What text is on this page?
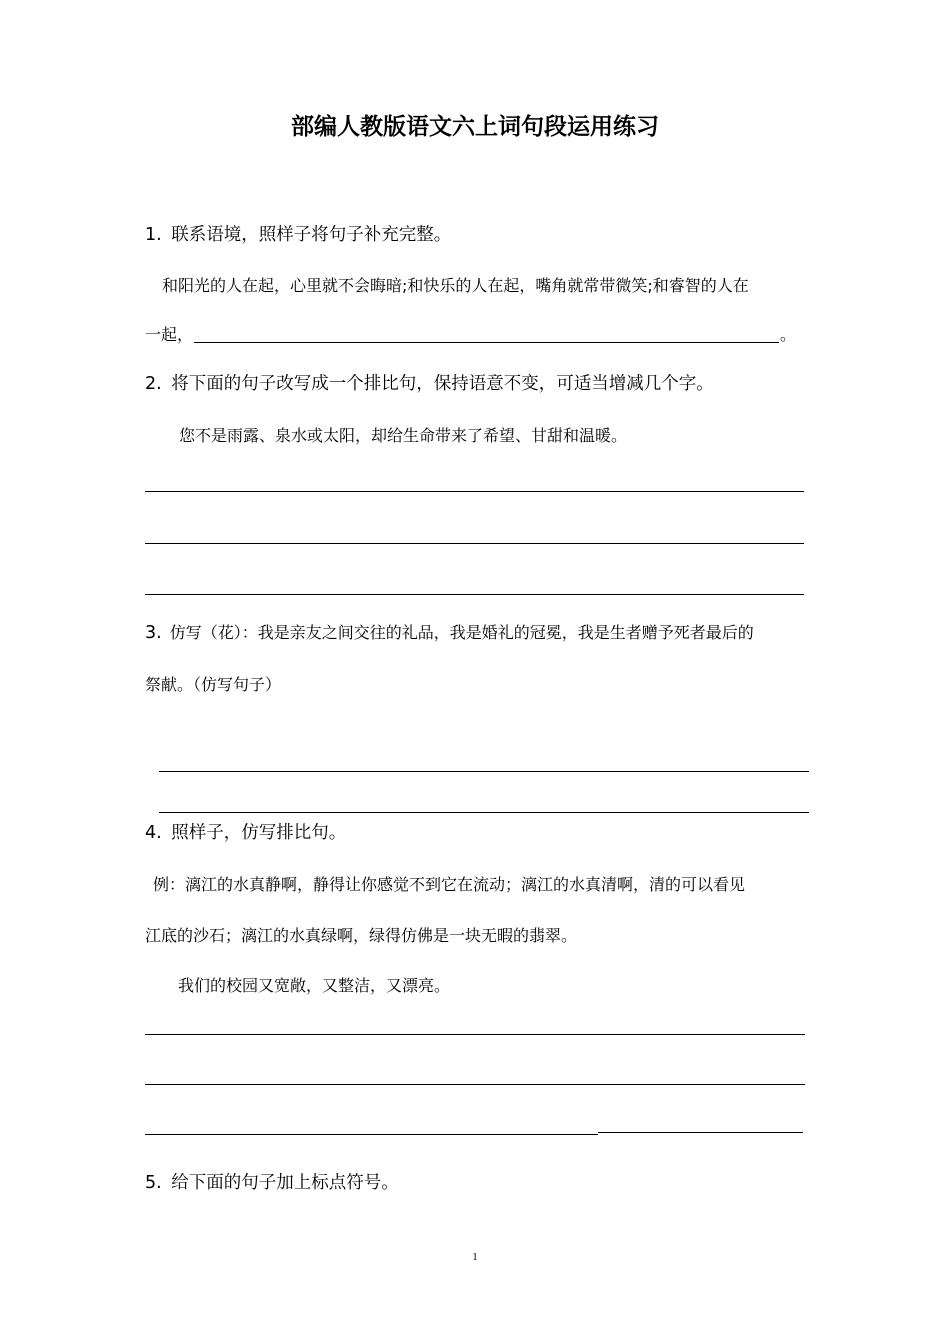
部编人教版语文六上词句段运用练习
1. 联系语境，照样子将句子补充完整。
和阳光的人在起，心里就不会晦暗;和快乐的人在起，嘴角就常带微笑;和睿智的人在
一起，	。
2. 将下面的句子改写成一个排比句，保持语意不变，可适当增减几个字。
您不是雨露、泉水或太阳，却给生命带来了希望、甘甜和温暖。
3. 仿写（花）：我是亲友之间交往的礼品，我是婚礼的冠冕，我是生者赠予死者最后的
祭献。（仿写句子）
4. 照样子，仿写排比句。
例：漓江的水真静啊，静得让你感觉不到它在流动；漓江的水真清啊，清的可以看见
江底的沙石；漓江的水真绿啊，绿得仿佛是一块无暇的翡翠。
我们的校园又宽敞，又整洁，又漂亮。
5. 给下面的句子加上标点符号。
1
